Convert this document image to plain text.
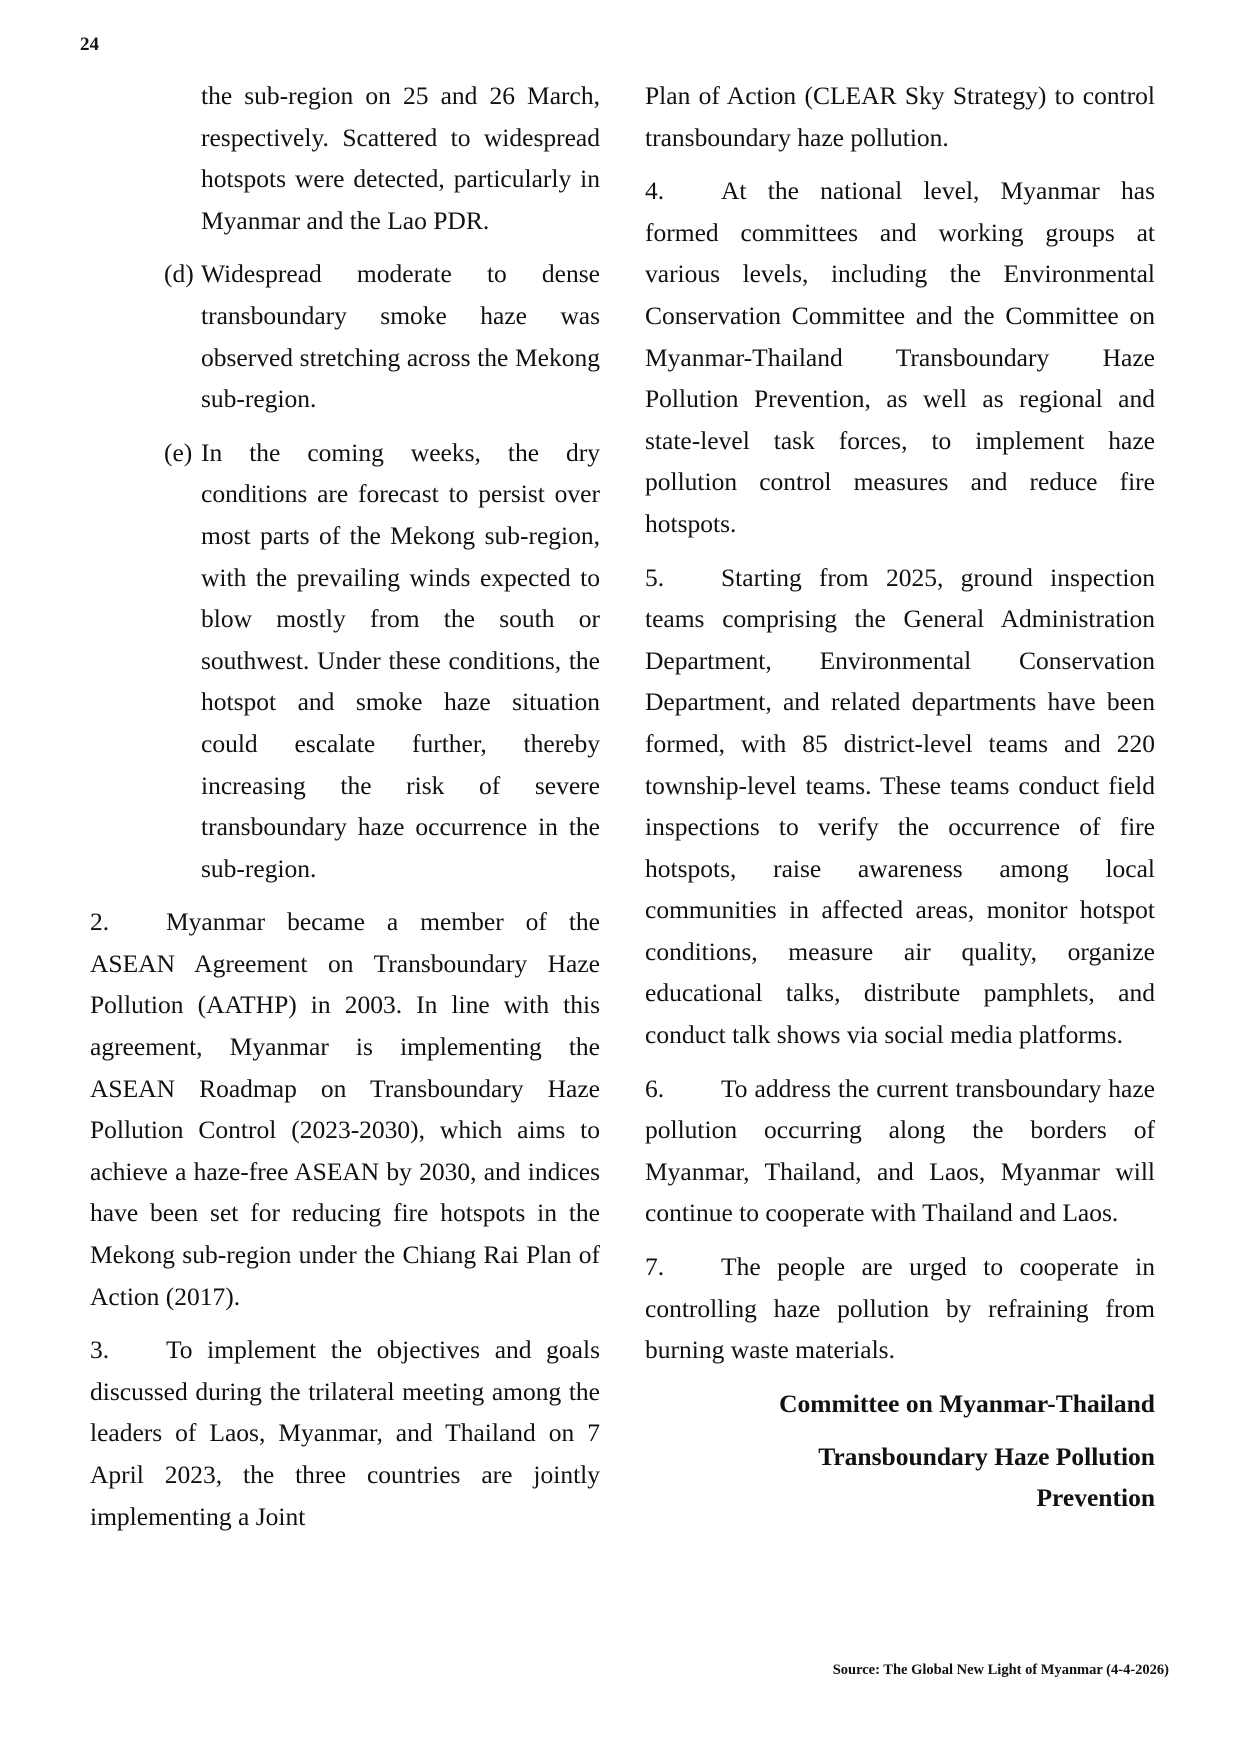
24

the sub-region on 25 and 26 March, respectively. Scattered to widespread hotspots were detected, particularly in Myanmar and the Lao PDR.

(d) Widespread moderate to dense transboundary smoke haze was observed stretching across the Mekong sub-region.
(e) In the coming weeks, the dry conditions are forecast to persist over most parts of the Mekong sub-region, with the prevailing winds expected to blow mostly from the south or southwest. Under these conditions, the hotspot and smoke haze situation could escalate further, thereby increasing the risk of severe transboundary haze occurrence in the sub-region.

2. Myanmar became a member of the ASEAN Agreement on Transboundary Haze Pollution (AATHP) in 2003. In line with this agreement, Myanmar is implementing the ASEAN Roadmap on Transboundary Haze Pollution Control (2023-2030), which aims to achieve a haze-free ASEAN by 2030, and indices have been set for reducing fire hotspots in the Mekong sub-region under the Chiang Rai Plan of Action (2017).

3. To implement the objectives and goals discussed during the trilateral meeting among the leaders of Laos, Myanmar, and Thailand on 7 April 2023, the three countries are jointly implementing a Joint

Plan of Action (CLEAR Sky Strategy) to control transboundary haze pollution.

4. At the national level, Myanmar has formed committees and working groups at various levels, including the Environmental Conservation Committee and the Committee on Myanmar-Thailand Transboundary Haze Pollution Prevention, as well as regional and state-level task forces, to implement haze pollution control measures and reduce fire hotspots.

5. Starting from 2025, ground inspection teams comprising the General Administration Department, Environmental Conservation Department, and related departments have been formed, with 85 district-level teams and 220 township-level teams. These teams conduct field inspections to verify the occurrence of fire hotspots, raise awareness among local communities in affected areas, monitor hotspot conditions, measure air quality, organize educational talks, distribute pamphlets, and conduct talk shows via social media platforms.

6. To address the current transboundary haze pollution occurring along the borders of Myanmar, Thailand, and Laos, Myanmar will continue to cooperate with Thailand and Laos.

7. The people are urged to cooperate in controlling haze pollution by refraining from burning waste materials.

Committee on Myanmar-Thailand
Transboundary Haze Pollution
Prevention
Source: The Global New Light of Myanmar (4-4-2026)
